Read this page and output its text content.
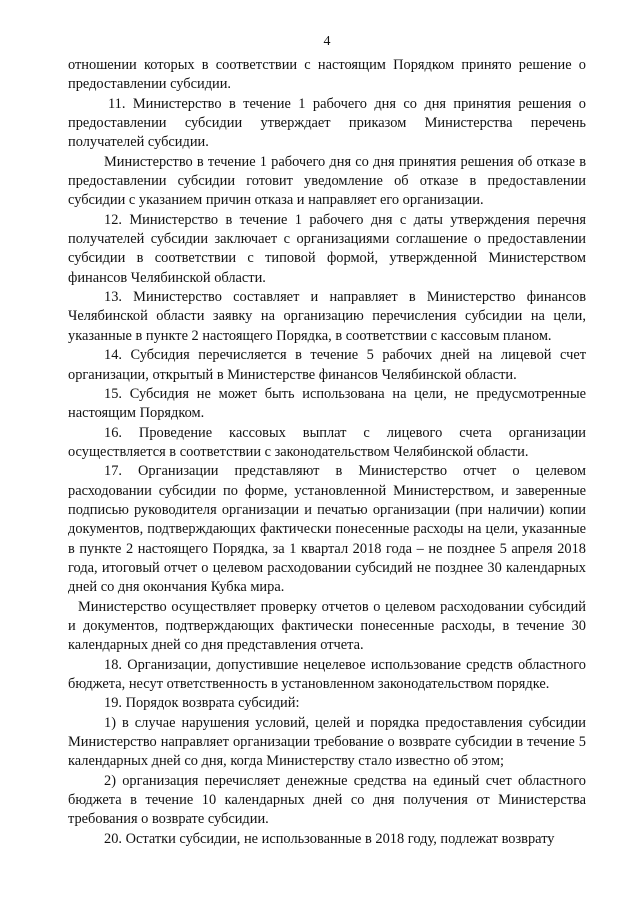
4

отношении которых в соответствии с настоящим Порядком принято решение о предоставлении субсидии.

11. Министерство в течение 1 рабочего дня со дня принятия решения о предоставлении субсидии утверждает приказом Министерства перечень получателей субсидии.

Министерство в течение 1 рабочего дня со дня принятия решения об отказе в предоставлении субсидии готовит уведомление об отказе в предоставлении субсидии с указанием причин отказа и направляет его организации.

12. Министерство в течение 1 рабочего дня с даты утверждения перечня получателей субсидии заключает с организациями соглашение о предоставлении субсидии в соответствии с типовой формой, утвержденной Министерством финансов Челябинской области.

13. Министерство составляет и направляет в Министерство финансов Челябинской области заявку на организацию перечисления субсидии на цели, указанные в пункте 2 настоящего Порядка, в соответствии с кассовым планом.

14. Субсидия перечисляется в течение 5 рабочих дней на лицевой счет организации, открытый в Министерстве финансов Челябинской области.

15. Субсидия не может быть использована на цели, не предусмотренные настоящим Порядком.

16. Проведение кассовых выплат с лицевого счета организации осуществляется в соответствии с законодательством Челябинской области.

17. Организации представляют в Министерство отчет о целевом расходовании субсидии по форме, установленной Министерством, и заверенные подписью руководителя организации и печатью организации (при наличии) копии документов, подтверждающих фактически понесенные расходы на цели, указанные в пункте 2 настоящего Порядка, за 1 квартал 2018 года – не позднее 5 апреля 2018 года, итоговый отчет о целевом расходовании субсидий не позднее 30 календарных дней со дня окончания Кубка мира.

Министерство осуществляет проверку отчетов о целевом расходовании субсидий и документов, подтверждающих фактически понесенные расходы, в течение 30 календарных дней со дня представления отчета.

18. Организации, допустившие нецелевое использование средств областного бюджета, несут ответственность в установленном законодательством порядке.

19. Порядок возврата субсидий:

1) в случае нарушения условий, целей и порядка предоставления субсидии Министерство направляет организации требование о возврате субсидии в течение 5 календарных дней со дня, когда Министерству стало известно об этом;

2) организация перечисляет денежные средства на единый счет областного бюджета в течение 10 календарных дней со дня получения от Министерства требования о возврате субсидии.

20. Остатки субсидии, не использованные в 2018 году, подлежат возврату
